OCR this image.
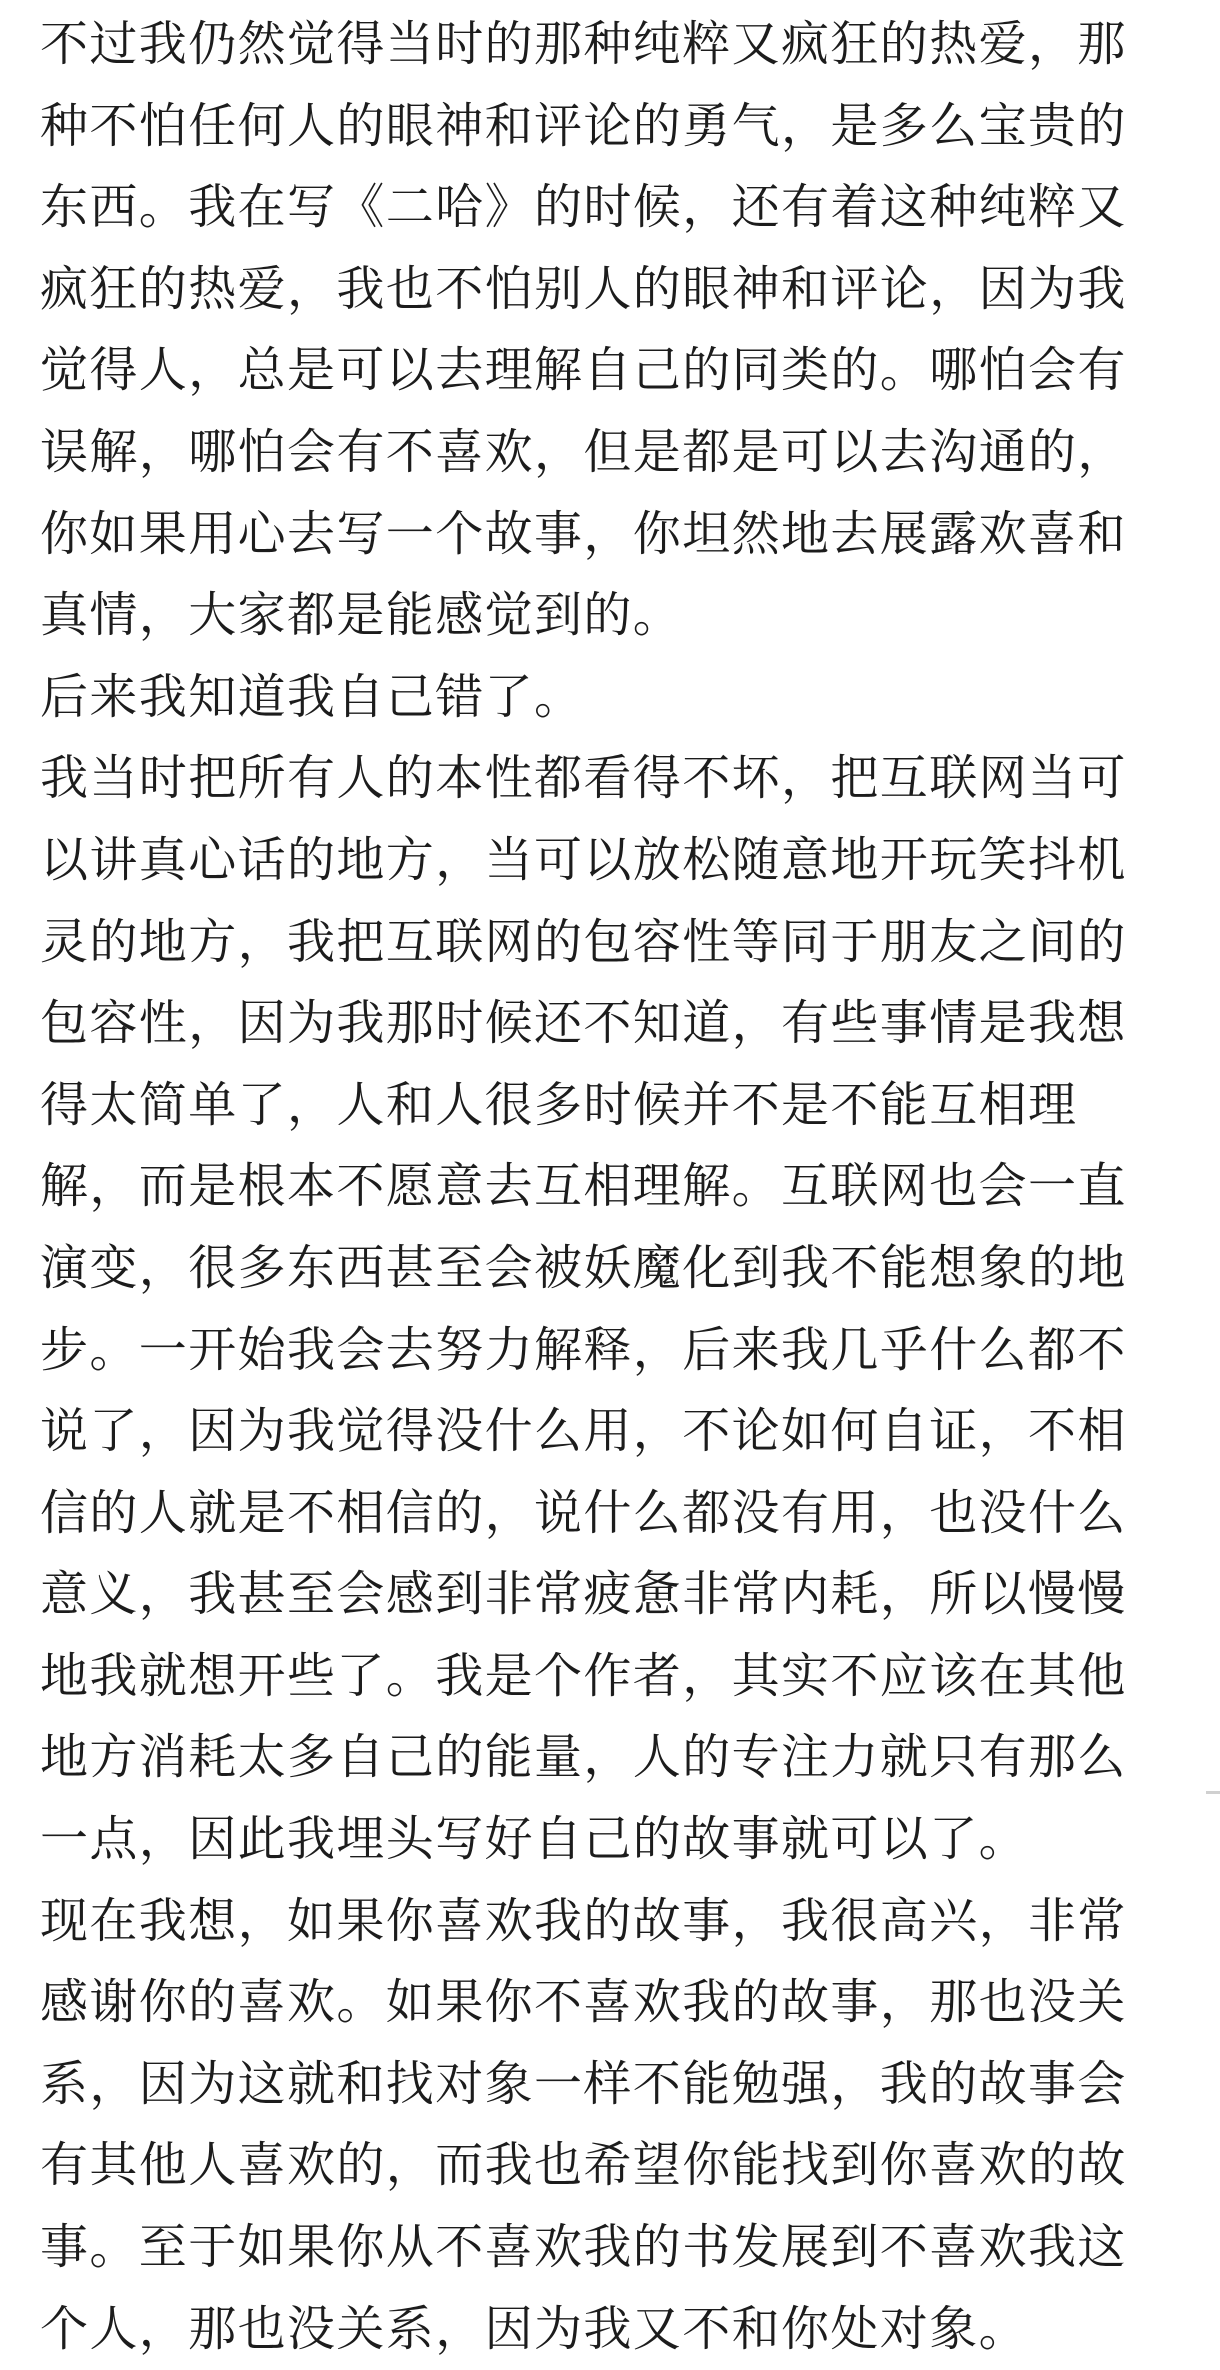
不过我仍然觉得当时的那种纯粹又疯狂的热爱，那
种不怕任何人的眼神和评论的勇气，是多么宝贵的
东西。我在写《二哈》的时候，还有着这种纯粹又
疯狂的热爱，我也不怕别人的眼神和评论，因为我
觉得人，总是可以去理解自己的同类的。哪怕会有
误解，哪怕会有不喜欢，但是都是可以去沟通的，
你如果用心去写一个故事，你坦然地去展露欢喜和
真情，大家都是能感觉到的。

后来我知道我自己错了。

我当时把所有人的本性都看得不坏，把互联网当可
以讲真心话的地方，当可以放松随意地开玩笑抖机
灵的地方，我把互联网的包容性等同于朋友之间的
包容性，因为我那时候还不知道，有些事情是我想
得太简单了，人和人很多时候并不是不能互相理
解，而是根本不愿意去互相理解。互联网也会一直
演变，很多东西甚至会被妖魔化到我不能想象的地
步。一开始我会去努力解释，后来我几乎什么都不
说了，因为我觉得没什么用，不论如何自证，不相
信的人就是不相信的，说什么都没有用，也没什么
意义，我甚至会感到非常疲惫非常内耗，所以慢慢
地我就想开些了。我是个作者，其实不应该在其他
地方消耗太多自己的能量，人的专注力就只有那么
一点，因此我埋头写好自己的故事就可以了。

现在我想，如果你喜欢我的故事，我很高兴，非常
感谢你的喜欢。如果你不喜欢我的故事，那也没关
系，因为这就和找对象一样不能勉强，我的故事会
有其他人喜欢的，而我也希望你能找到你喜欢的故
事。至于如果你从不喜欢我的书发展到不喜欢我这
个人，那也没关系，因为我又不和你处对象。
